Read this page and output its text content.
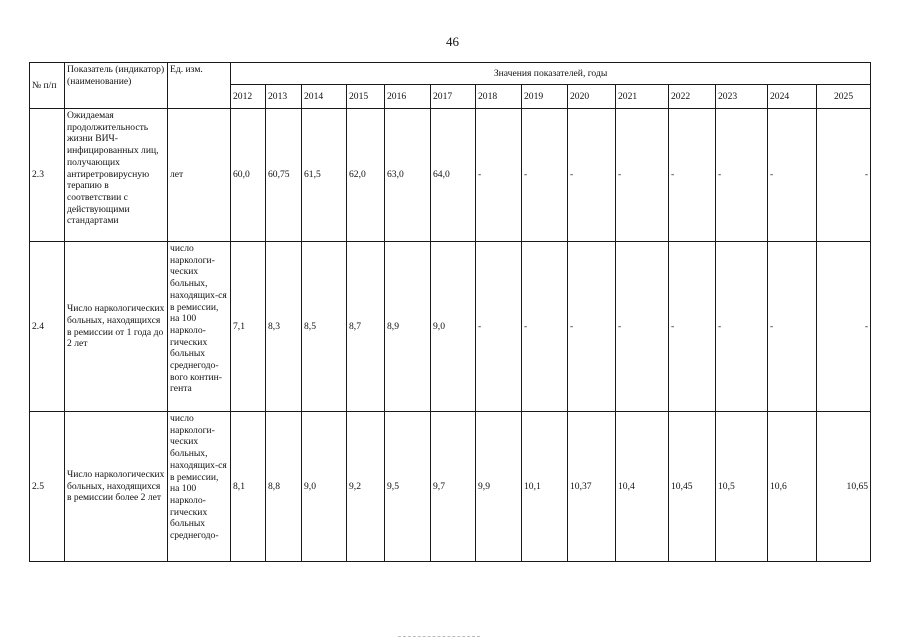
46
№ п/п	Показатель (индикатор) (наименование)	Ед. изм.	Значения показателей, годы													
			2012	2013	2014	2015	2016	2017	2018	2019	2020	2021	2022	2023	2024	2025
2.3	Ожидаемая продолжительность жизни ВИЧ-инфицированных лиц, получающих антиретровирусную терапию в соответствии с действующими стандартами	лет	60,0	60,75	61,5	62,0	63,0	64,0	-	-	-	-	-	-	-	-
2.4	Число наркологических больных, находящихся в ремиссии от 1 года до 2 лет	число наркологи-ческих больных, находящих-ся в ремиссии, на 100 нарколо-гических больных среднегодо-вого контин-гента	7,1	8,3	8,5	8,7	8,9	9,0	-	-	-	-	-	-	-	-
2.5	Число наркологических больных, находящихся в ремиссии более 2 лет	число наркологи-ческих больных, находящих-ся в ремиссии, на 100 нарколо-гических больных среднегодо-	8,1	8,8	9,0	9,2	9,5	9,7	9,9	10,1	10,37	10,4	10,45	10,5	10,6	10,65
